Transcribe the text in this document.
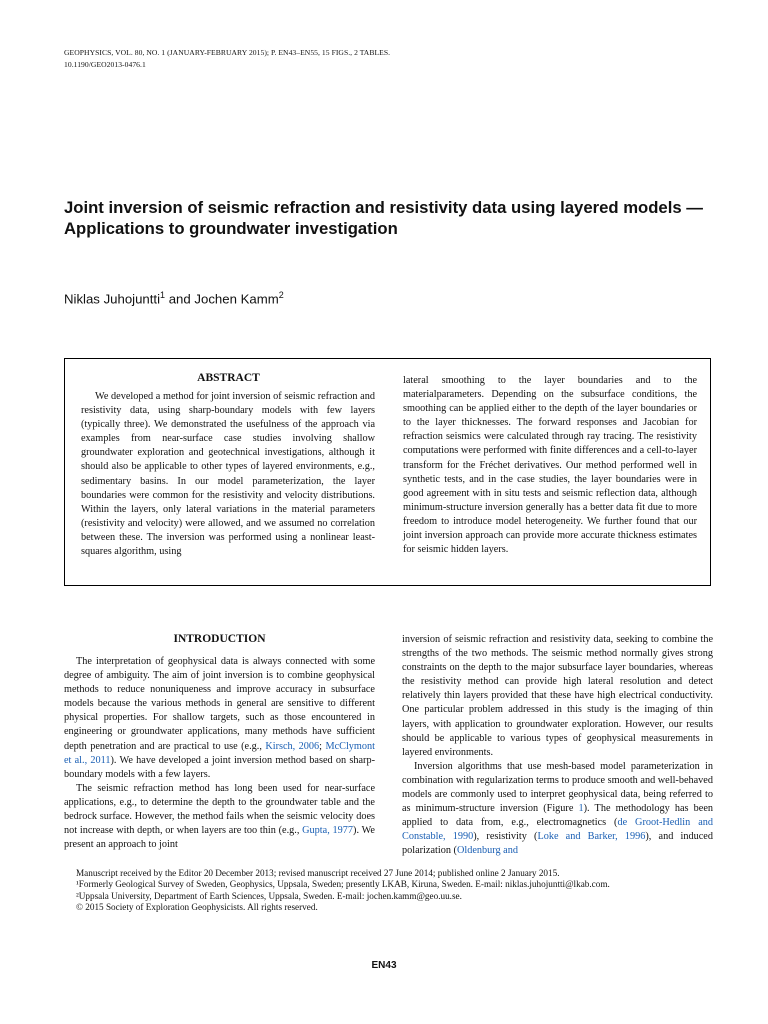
GEOPHYSICS, VOL. 80, NO. 1 (JANUARY-FEBRUARY 2015); P. EN43–EN55, 15 FIGS., 2 TABLES.
10.1190/GEO2013-0476.1
Joint inversion of seismic refraction and resistivity data using layered models — Applications to groundwater investigation
Niklas Juhojuntti$^1$ and Jochen Kamm$^2$
ABSTRACT
We developed a method for joint inversion of seismic refraction and resistivity data, using sharp-boundary models with few layers (typically three). We demonstrated the usefulness of the approach via examples from near-surface case studies involving shallow groundwater exploration and geotechnical investigations, although it should also be applicable to other types of layered environments, e.g., sedimentary basins. In our model parameterization, the layer boundaries were common for the resistivity and velocity distributions. Within the layers, only lateral variations in the material parameters (resistivity and velocity) were allowed, and we assumed no correlation between these. The inversion was performed using a nonlinear least-squares algorithm, using
lateral smoothing to the layer boundaries and to the materialparameters. Depending on the subsurface conditions, the smoothing can be applied either to the depth of the layer boundaries or to the layer thicknesses. The forward responses and Jacobian for refraction seismics were calculated through ray tracing. The resistivity computations were performed with finite differences and a cell-to-layer transform for the Fréchet derivatives. Our method performed well in synthetic tests, and in the case studies, the layer boundaries were in good agreement with in situ tests and seismic reflection data, although minimum-structure inversion generally has a better data fit due to more freedom to introduce model heterogeneity. We further found that our joint inversion approach can provide more accurate thickness estimates for seismic hidden layers.
INTRODUCTION

The interpretation of geophysical data is always connected with some degree of ambiguity. The aim of joint inversion is to combine geophysical methods to reduce nonuniqueness and improve accuracy in subsurface models because the various methods in general are sensitive to different physical properties. For shallow targets, such as those encountered in engineering or groundwater applications, many methods have sufficient depth penetration and are practical to use (e.g., Kirsch, 2006; McClymont et al., 2011). We have developed a joint inversion method based on sharp-boundary models with a few layers.

The seismic refraction method has long been used for near-surface applications, e.g., to determine the depth to the groundwater table and the bedrock surface. However, the method fails when the seismic velocity does not increase with depth, or when layers are too thin (e.g., Gupta, 1977). We present an approach to joint

inversion of seismic refraction and resistivity data, seeking to combine the strengths of the two methods. The seismic method normally gives strong constraints on the depth to the major subsurface layer boundaries, whereas the resistivity method can provide high lateral resolution and detect relatively thin layers provided that these have high electrical conductivity. One particular problem addressed in this study is the imaging of thin layers, with application to groundwater exploration. However, our results should be applicable to various types of geophysical measurements in layered environments.

Inversion algorithms that use mesh-based model parameterization in combination with regularization terms to produce smooth and well-behaved models are commonly used to interpret geophysical data, being referred to as minimum-structure inversion (Figure 1). The methodology has been applied to data from, e.g., electromagnetics (de Groot-Hedlin and Constable, 1990), resistivity (Loke and Barker, 1996), and induced polarization (Oldenburg and

Manuscript received by the Editor 20 December 2013; revised manuscript received 27 June 2014; published online 2 January 2015.
¹Formerly Geological Survey of Sweden, Geophysics, Uppsala, Sweden; presently LKAB, Kiruna, Sweden. E-mail: niklas.juhojuntti@lkab.com.
²Uppsala University, Department of Earth Sciences, Uppsala, Sweden. E-mail: jochen.kamm@geo.uu.se.
© 2015 Society of Exploration Geophysicists. All rights reserved.
EN43
